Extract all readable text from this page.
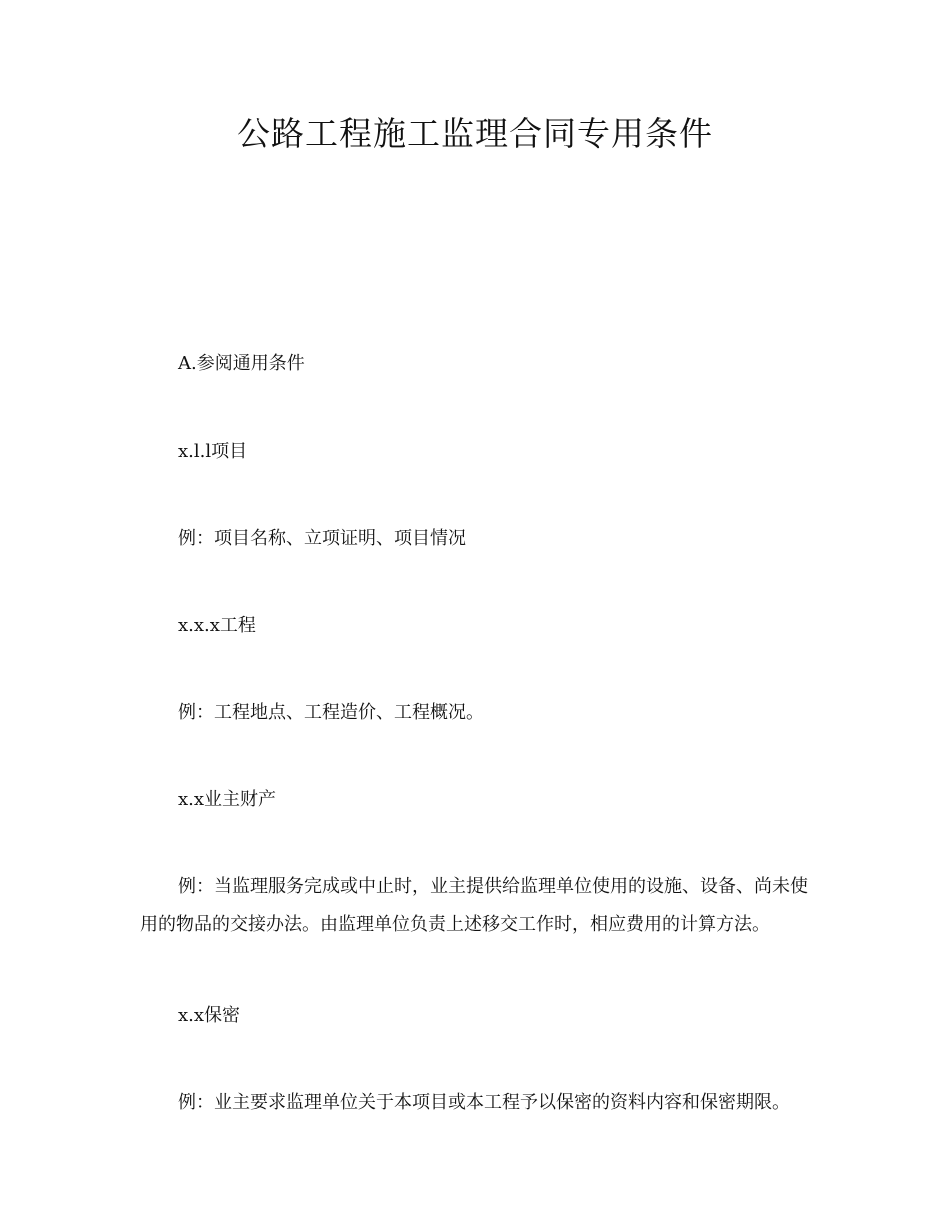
公路工程施工监理合同专用条件

A.参阅通用条件

x.l.l项目

例：项目名称、立项证明、项目情况

x.x.x工程

例：工程地点、工程造价、工程概况。

x.x业主财产

例：当监理服务完成或中止时，业主提供给监理单位使用的设施、设备、尚未使用的物品的交接办法。由监理单位负责上述移交工作时，相应费用的计算方法。

x.x保密

例：业主要求监理单位关于本项目或本工程予以保密的资料内容和保密期限。
